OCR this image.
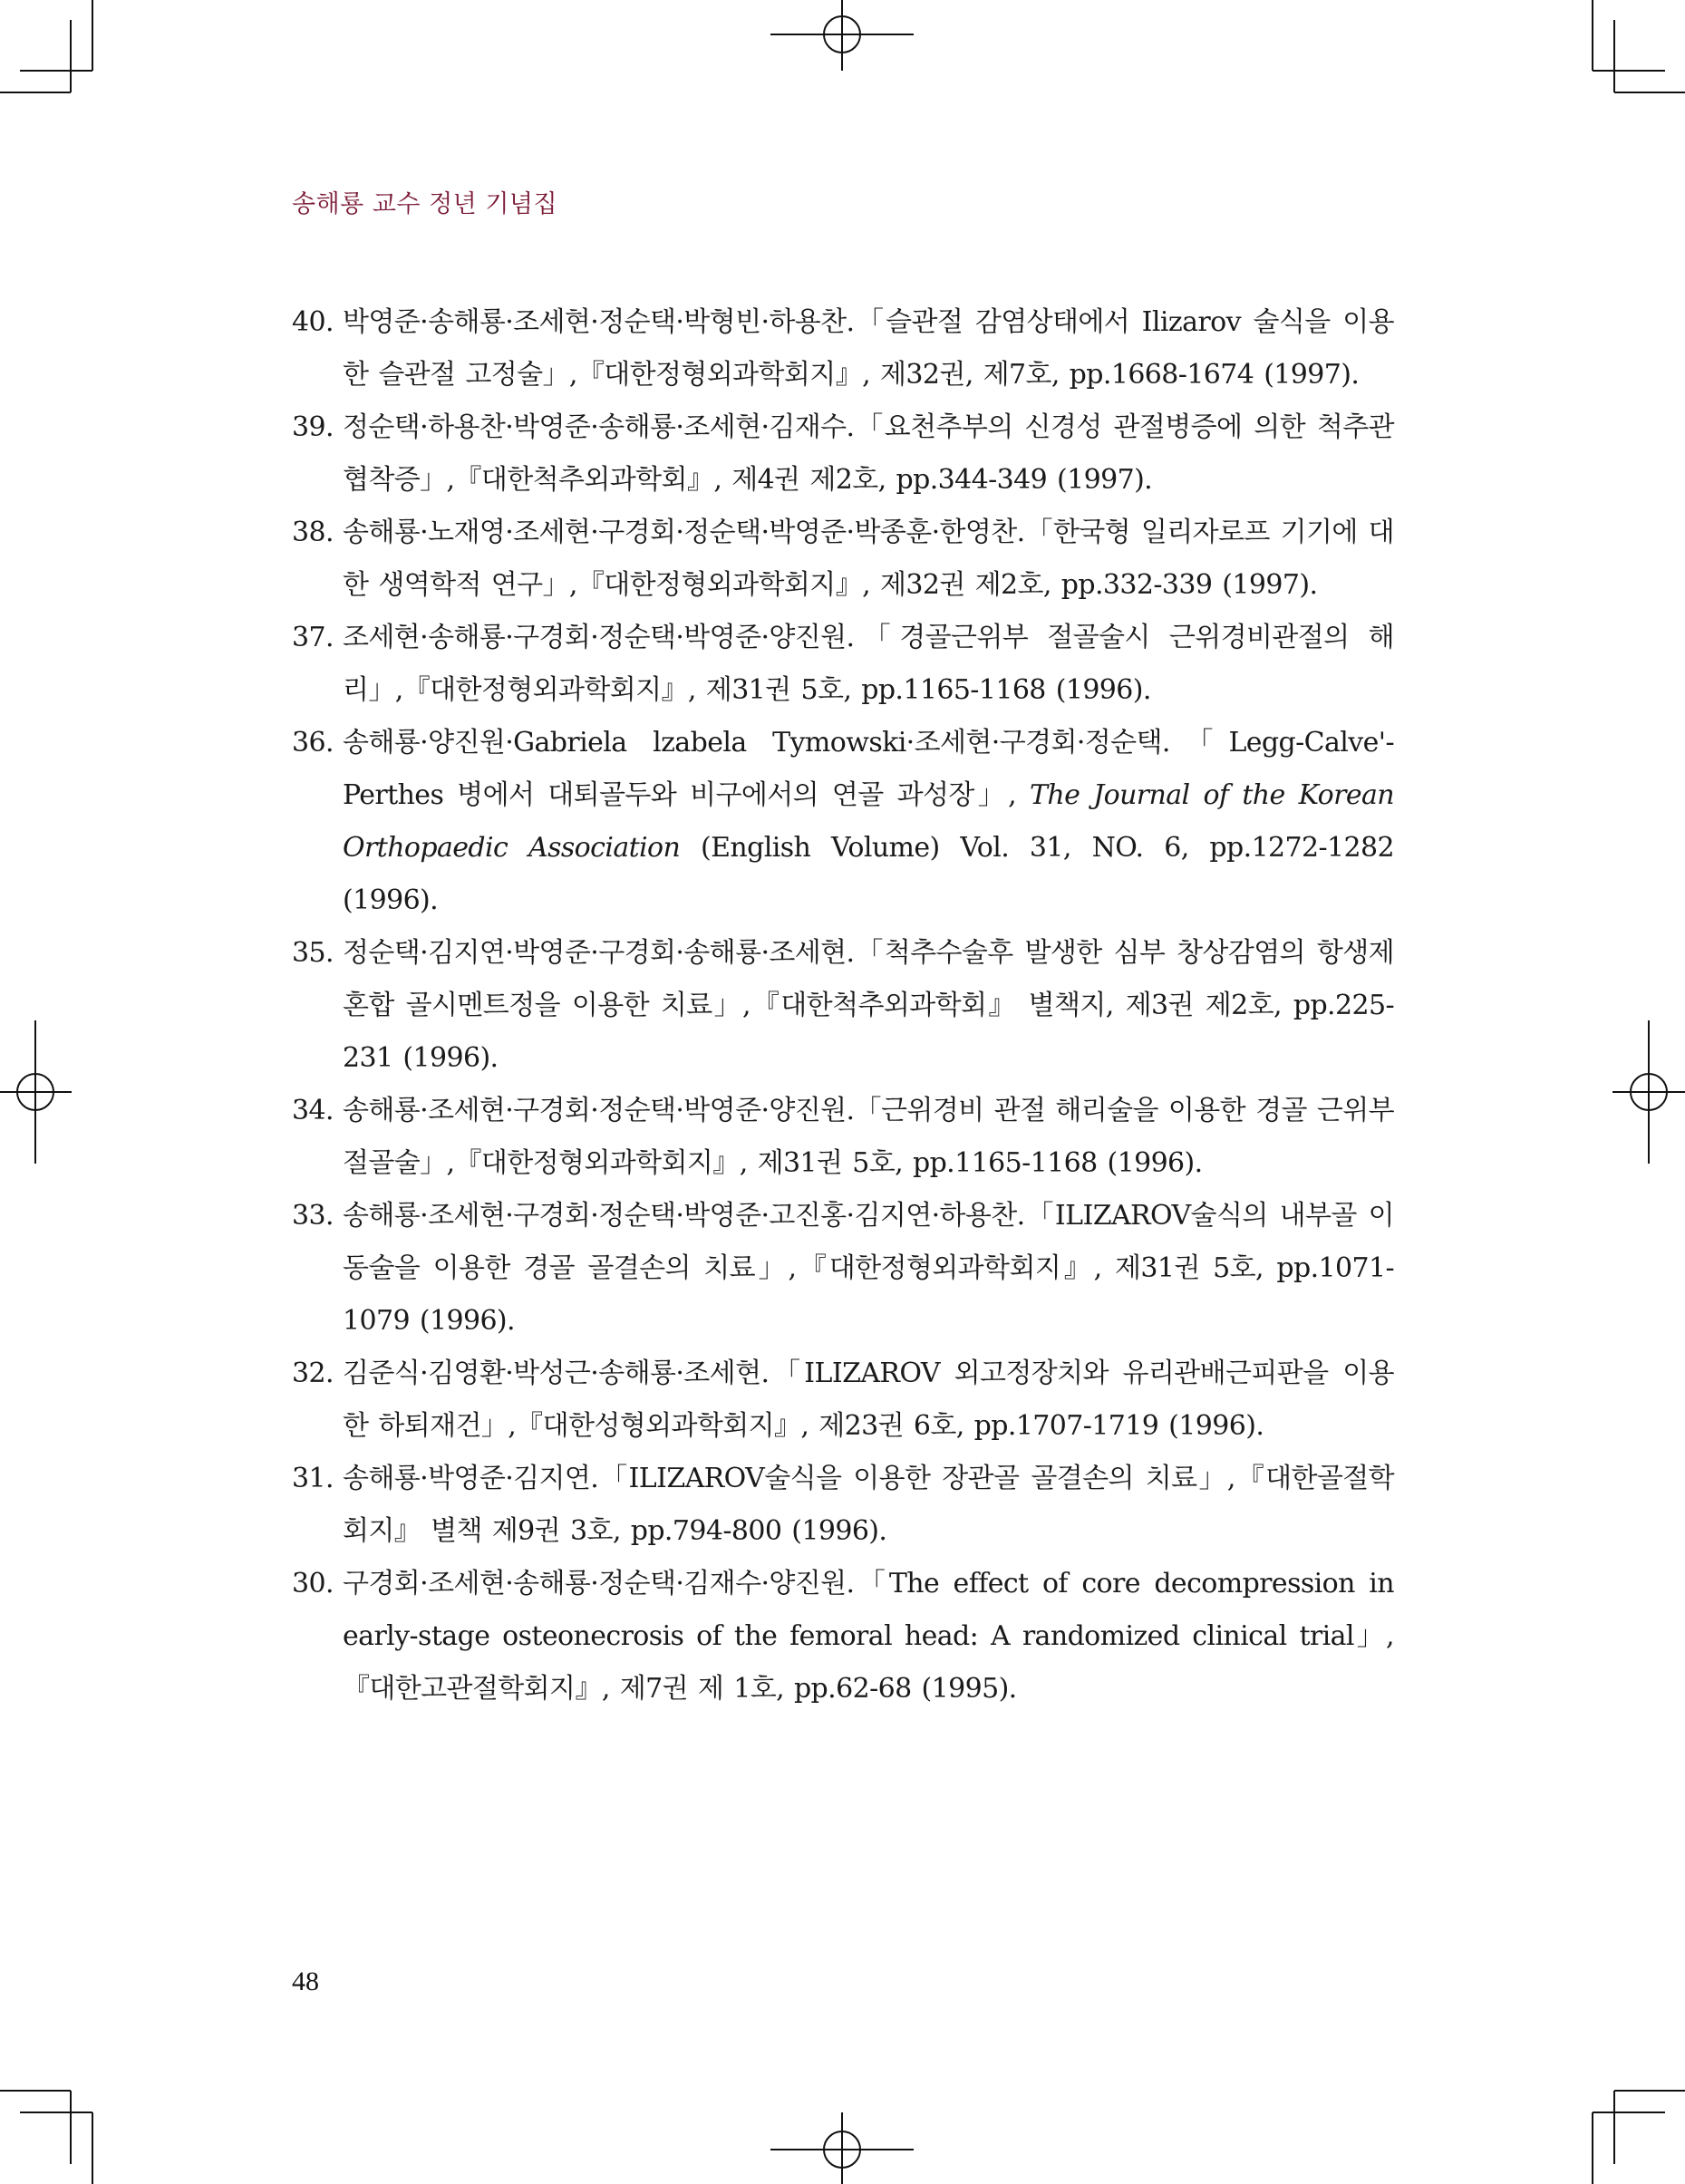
송해룡 교수 정년 기념집
40. 박영준·송해룡·조세현·정순택·박형빈·하용찬.「슬관절 감염상태에서 Ilizarov 술식을 이용한 슬관절 고정술」,『대한정형외과학회지』, 제32권, 제7호, pp.1668-1674 (1997).
39. 정순택·하용찬·박영준·송해룡·조세현·김재수.「요천추부의 신경성 관절병증에 의한 척추관 협착증」,『대한척추외과학회』, 제4권 제2호, pp.344-349 (1997).
38. 송해룡·노재영·조세현·구경회·정순택·박영준·박종훈·한영찬.「한국형 일리자로프 기기에 대한 생역학적 연구」,『대한정형외과학회지』, 제32권 제2호, pp.332-339 (1997).
37. 조세현·송해룡·구경회·정순택·박영준·양진원.「경골근위부 절골술시 근위경비관절의 해리」,『대한정형외과학회지』, 제31권 5호, pp.1165-1168 (1996).
36. 송해룡·양진원·Gabriela lzabela Tymowski·조세현·구경회·정순택.「Legg-Calve'-Perthes 병에서 대퇴골두와 비구에서의 연골 과성장」, The Journal of the Korean Orthopaedic Association (English Volume) Vol. 31, NO. 6, pp.1272-1282 (1996).
35. 정순택·김지연·박영준·구경회·송해룡·조세현.「척추수술후 발생한 심부 창상감염의 항생제 혼합 골시멘트정을 이용한 치료」,『대한척추외과학회』 별책지, 제3권 제2호, pp.225-231 (1996).
34. 송해룡·조세현·구경회·정순택·박영준·양진원.「근위경비 관절 해리술을 이용한 경골 근위부 절골술」,『대한정형외과학회지』, 제31권 5호, pp.1165-1168 (1996).
33. 송해룡·조세현·구경회·정순택·박영준·고진홍·김지연·하용찬.「ILIZAROV술식의 내부골 이동술을 이용한 경골 골결손의 치료」,『대한정형외과학회지』, 제31권 5호, pp.1071-1079 (1996).
32. 김준식·김영환·박성근·송해룡·조세현.「ILIZAROV 외고정장치와 유리관배근피판을 이용한 하퇴재건」,『대한성형외과학회지』, 제23권 6호, pp.1707-1719 (1996).
31. 송해룡·박영준·김지연.「ILIZAROV술식을 이용한 장관골 골결손의 치료」,『대한골절학회지』 별책 제9권 3호, pp.794-800 (1996).
30. 구경회·조세현·송해룡·정순택·김재수·양진원.「The effect of core decompression in early-stage osteonecrosis of the femoral head: A randomized clinical trial」,『대한고관절학회지』, 제7권 제 1호, pp.62-68 (1995).
48
